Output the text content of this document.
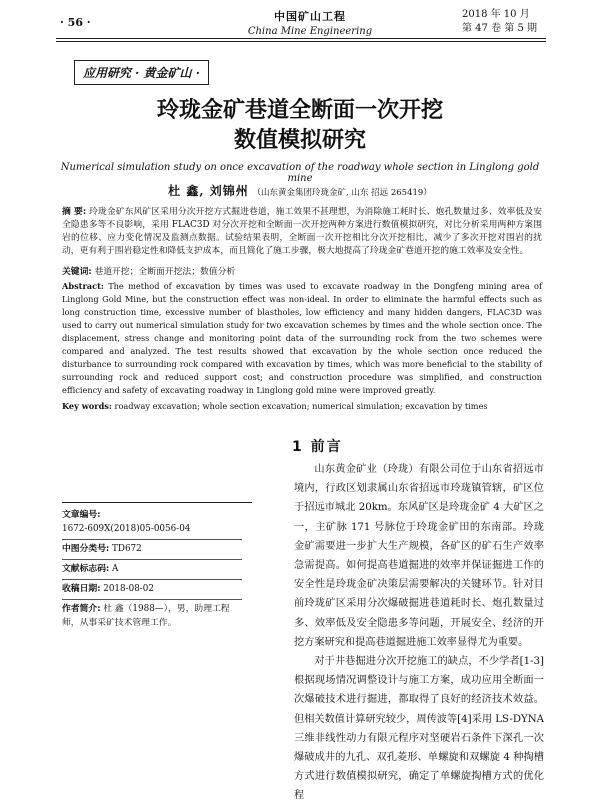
· 56 ·	中国矿山工程
China Mine Engineering
2018 年 10 月
第 47 卷 第 5 期
应用研究 · 黄金矿山 ·
玲珑金矿巷道全断面一次开挖
数值模拟研究
Numerical simulation study on once excavation of the roadway whole section in Linglong gold mine
杜 鑫, 刘锦州 （山东黄金集团玲珑金矿, 山东 招远 265419）
摘 要: 玲珑金矿东风矿区采用分次开挖方式掘进巷道，施工效果不甚理想，为消除施工耗时长、炮孔数量过多、效率低及安全隐患多等不良影响，采用 FLAC3D 对分次开挖和全断面一次开挖两种方案进行数值模拟研究，对比分析采用两种方案围岩的位移、应力变化情况及监测点数据。试验结果表明，全断面一次开挖相比分次开挖相比，减少了多次开挖对围岩的扰动，更有利于围岩稳定性和降低支护成本，而且简化了施工步骤，极大地提高了玲珑金矿巷道开挖的施工效率及安全性。
关键词: 巷道开挖；全断面开挖法；数值分析
Abstract: The method of excavation by times was used to excavate roadway in the Dongfeng mining area of Linglong Gold Mine, but the construction effect was non-ideal. In order to eliminate the harmful effects such as long construction time, excessive number of blastholes, low efficiency and many hidden dangers, FLAC3D was used to carry out numerical simulation study for two excavation schemes by times and the whole section once. The displacement, stress change and monitoring point data of the surrounding rock from the two schemes were compared and analyzed. The test results showed that excavation by the whole section once reduced the disturbance to surrounding rock compared with excavation by times, which was more beneficial to the stability of surrounding rock and reduced support cost; and construction procedure was simplified, and construction efficiency and safety of excavating roadway in Linglong gold mine were improved greatly.
Key words: roadway excavation; whole section excavation; numerical simulation; excavation by times
文章编号:
1672-609X(2018)05-0056-04
中图分类号: TD672
文献标志码: A
收稿日期: 2018-08-02
作者简介: 杜 鑫（1988—），男，助理工程师，从事采矿技术管理工作。
1 前言

山东黄金矿业（玲珑）有限公司位于山东省招远市境内，行政区划隶属山东省招远市玲珑镇管辖，矿区位于招远市城北 20km。东风矿区是玲珑金矿 4 大矿区之一，主矿脉 171 号脉位于玲珑金矿田的东南部。玲珑金矿需要进一步扩大生产规模，各矿区的矿石生产效率急需提高。如何提高巷道掘进的效率并保证掘进工作的安全性是玲珑金矿决策层需要解决的关键环节。针对目前玲珑矿区采用分次爆破掘进巷道耗时长、炮孔数量过多、效率低及安全隐患多等问题，开展安全、经济的开挖方案研究和提高巷道掘进施工效率显得尤为重要。

对于井巷掘进分次开挖施工的缺点，不少学者[1-3]根据现场情况调整设计与施工方案，成功应用全断面一次爆破技术进行掘进，都取得了良好的经济技术效益。但相关数值计算研究较少，周传波等[4]采用 LS-DYNA 三维非线性动力有限元程序对坚硬岩石条件下深孔一次爆破成井的九孔、双孔菱形、单螺旋和双螺旋 4 种掏槽方式进行数值模拟研究，确定了单螺旋掏槽方式的优化程
